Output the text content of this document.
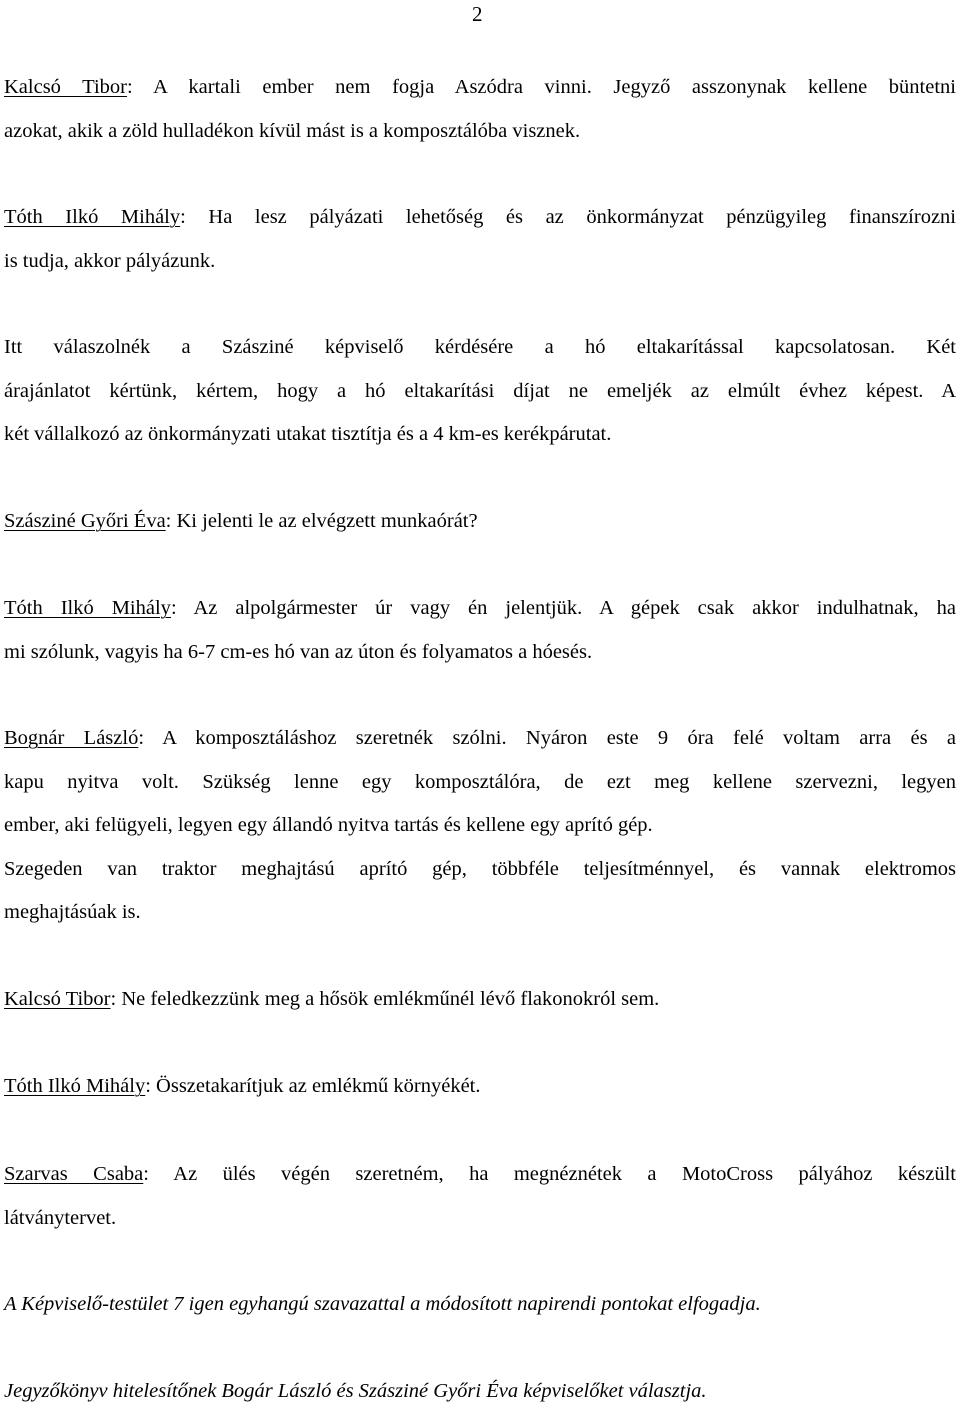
2
Kalcsó Tibor: A kartali ember nem fogja Aszódra vinni. Jegyző asszonynak kellene büntetni
azokat, akik a zöld hulladékon kívül mást is a komposztálóba visznek.
Tóth Ilkó Mihály: Ha lesz pályázati lehetőség és az önkormányzat pénzügyileg finanszírozni
is tudja, akkor pályázunk.
Itt válaszolnék a Szásziné képviselő kérdésére a hó eltakarítással kapcsolatosan. Két
árajánlatot kértünk, kértem, hogy a hó eltakarítási díjat ne emeljék az elmúlt évhez képest. A
két vállalkozó az önkormányzati utakat tisztítja és a 4 km-es kerékpárutat.
Szásziné Győri Éva: Ki jelenti le az elvégzett munkaórát?
Tóth Ilkó Mihály: Az alpolgármester úr vagy én jelentjük. A gépek csak akkor indulhatnak, ha
mi szólunk, vagyis ha 6-7 cm-es hó van az úton és folyamatos a hóesés.
Bognár László: A komposztáláshoz szeretnék szólni. Nyáron este 9 óra felé voltam arra és a
kapu nyitva volt. Szükség lenne egy komposztálóra, de ezt meg kellene szervezni, legyen
ember, aki felügyeli, legyen egy állandó nyitva tartás és kellene egy aprító gép.
Szegeden van traktor meghajtású aprító gép, többféle teljesítménnyel, és vannak elektromos
meghajtásúak is.
Kalcsó Tibor: Ne feledkezzünk meg a hősök emlékműnél lévő flakonokról sem.
Tóth Ilkó Mihály: Összetakarítjuk az emlékmű környékét.
Szarvas Csaba: Az ülés végén szeretném, ha megnéznétek a MotoCross pályához készült
látványtervet.
A Képviselő-testület 7 igen egyhangú szavazattal a módosított napirendi pontokat elfogadja.
Jegyzőkönyv hitelesítőnek Bogár László és Szásziné Győri Éva képviselőket választja.
